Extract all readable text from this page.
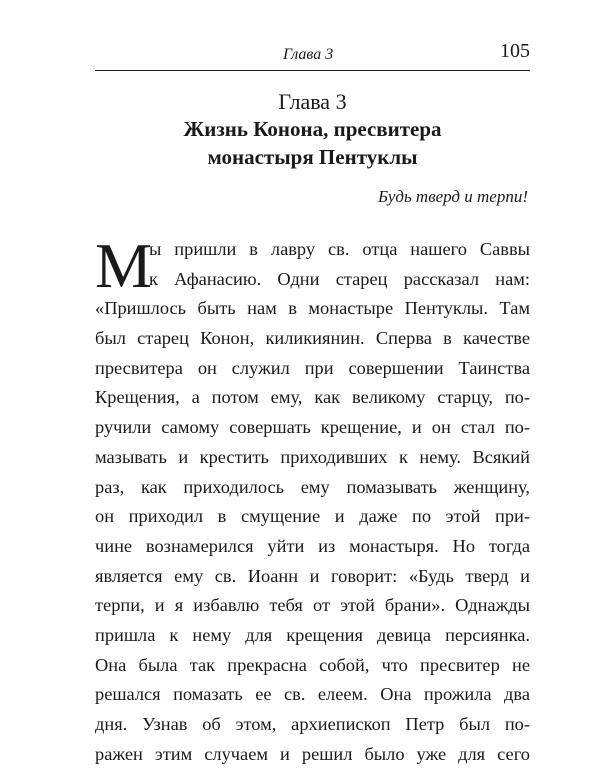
Глава 3	105
Глава 3
Жизнь Конона, пресвитера
монастыря Пентуклы
Будь тверд и терпи!
М
ы пришли в лавру св. отца нашего Саввы
к Афанасию. Одни старец рассказал нам:
«Пришлось быть нам в монастыре Пентуклы. Там
был старец Конон, киликиянин. Сперва в качестве
пресвитера он служил при совершении Таинства
Крещения, а потом ему, как великому старцу, по-
ручили самому совершать крещение, и он стал по-
мазывать и крестить приходивших к нему. Всякий
раз, как приходилось ему помазывать женщину,
он приходил в смущение и даже по этой при-
чине вознамерился уйти из монастыря. Но тогда
является ему св. Иоанн и говорит: «Будь тверд и
терпи, и я избавлю тебя от этой брани». Однажды
пришла к нему для крещения девица персиянка.
Она была так прекрасна собой, что пресвитер не
решался помазать ее св. елеем. Она прожила два
дня. Узнав об этом, архиепископ Петр был по-
ражен этим случаем и решил было уже для сего
